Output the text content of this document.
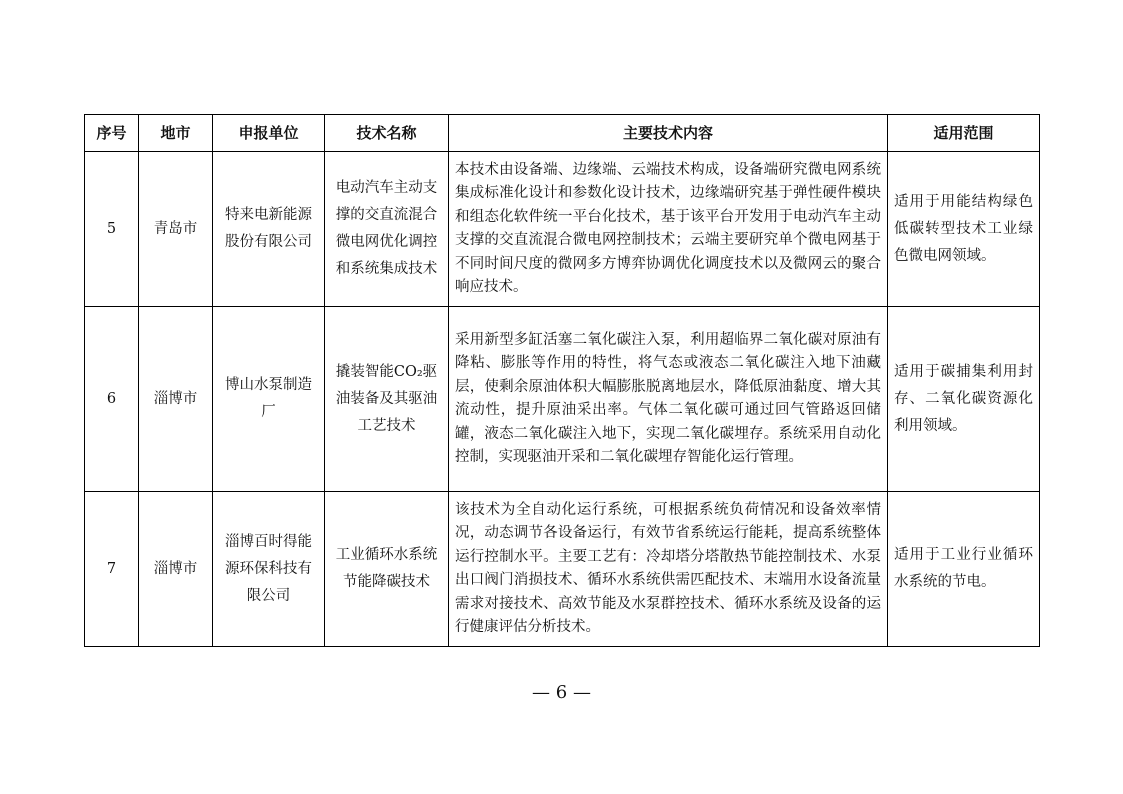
序号	地市	申报单位	技术名称	主要技术内容	适用范围
5	青岛市	特来电新能源股份有限公司	电动汽车主动支撑的交直流混合微电网优化调控和系统集成技术	本技术由设备端、边缘端、云端技术构成，设备端研究微电网系统集成标准化设计和参数化设计技术，边缘端研究基于弹性硬件模块和组态化软件统一平台化技术，基于该平台开发用于电动汽车主动支撑的交直流混合微电网控制技术；云端主要研究单个微电网基于不同时间尺度的微网多方博弈协调优化调度技术以及微网云的聚合响应技术。	适用于用能结构绿色低碳转型技术工业绿色微电网领域。
6	淄博市	博山水泵制造厂	撬装智能CO₂驱油装备及其驱油工艺技术	采用新型多缸活塞二氧化碳注入泵，利用超临界二氧化碳对原油有降粘、膨胀等作用的特性，将气态或液态二氧化碳注入地下油藏层，使剩余原油体积大幅膨胀脱离地层水，降低原油黏度、增大其流动性，提升原油采出率。气体二氧化碳可通过回气管路返回储罐，液态二氧化碳注入地下，实现二氧化碳埋存。系统采用自动化控制，实现驱油开采和二氧化碳埋存智能化运行管理。	适用于碳捕集利用封存、二氧化碳资源化利用领域。
7	淄博市	淄博百时得能源环保科技有限公司	工业循环水系统节能降碳技术	该技术为全自动化运行系统，可根据系统负荷情况和设备效率情况，动态调节各设备运行，有效节省系统运行能耗，提高系统整体运行控制水平。主要工艺有：冷却塔分塔散热节能控制技术、水泵出口阀门消损技术、循环水系统供需匹配技术、末端用水设备流量需求对接技术、高效节能及水泵群控技术、循环水系统及设备的运行健康评估分析技术。	适用于工业行业循环水系统的节电。
— 6 —
